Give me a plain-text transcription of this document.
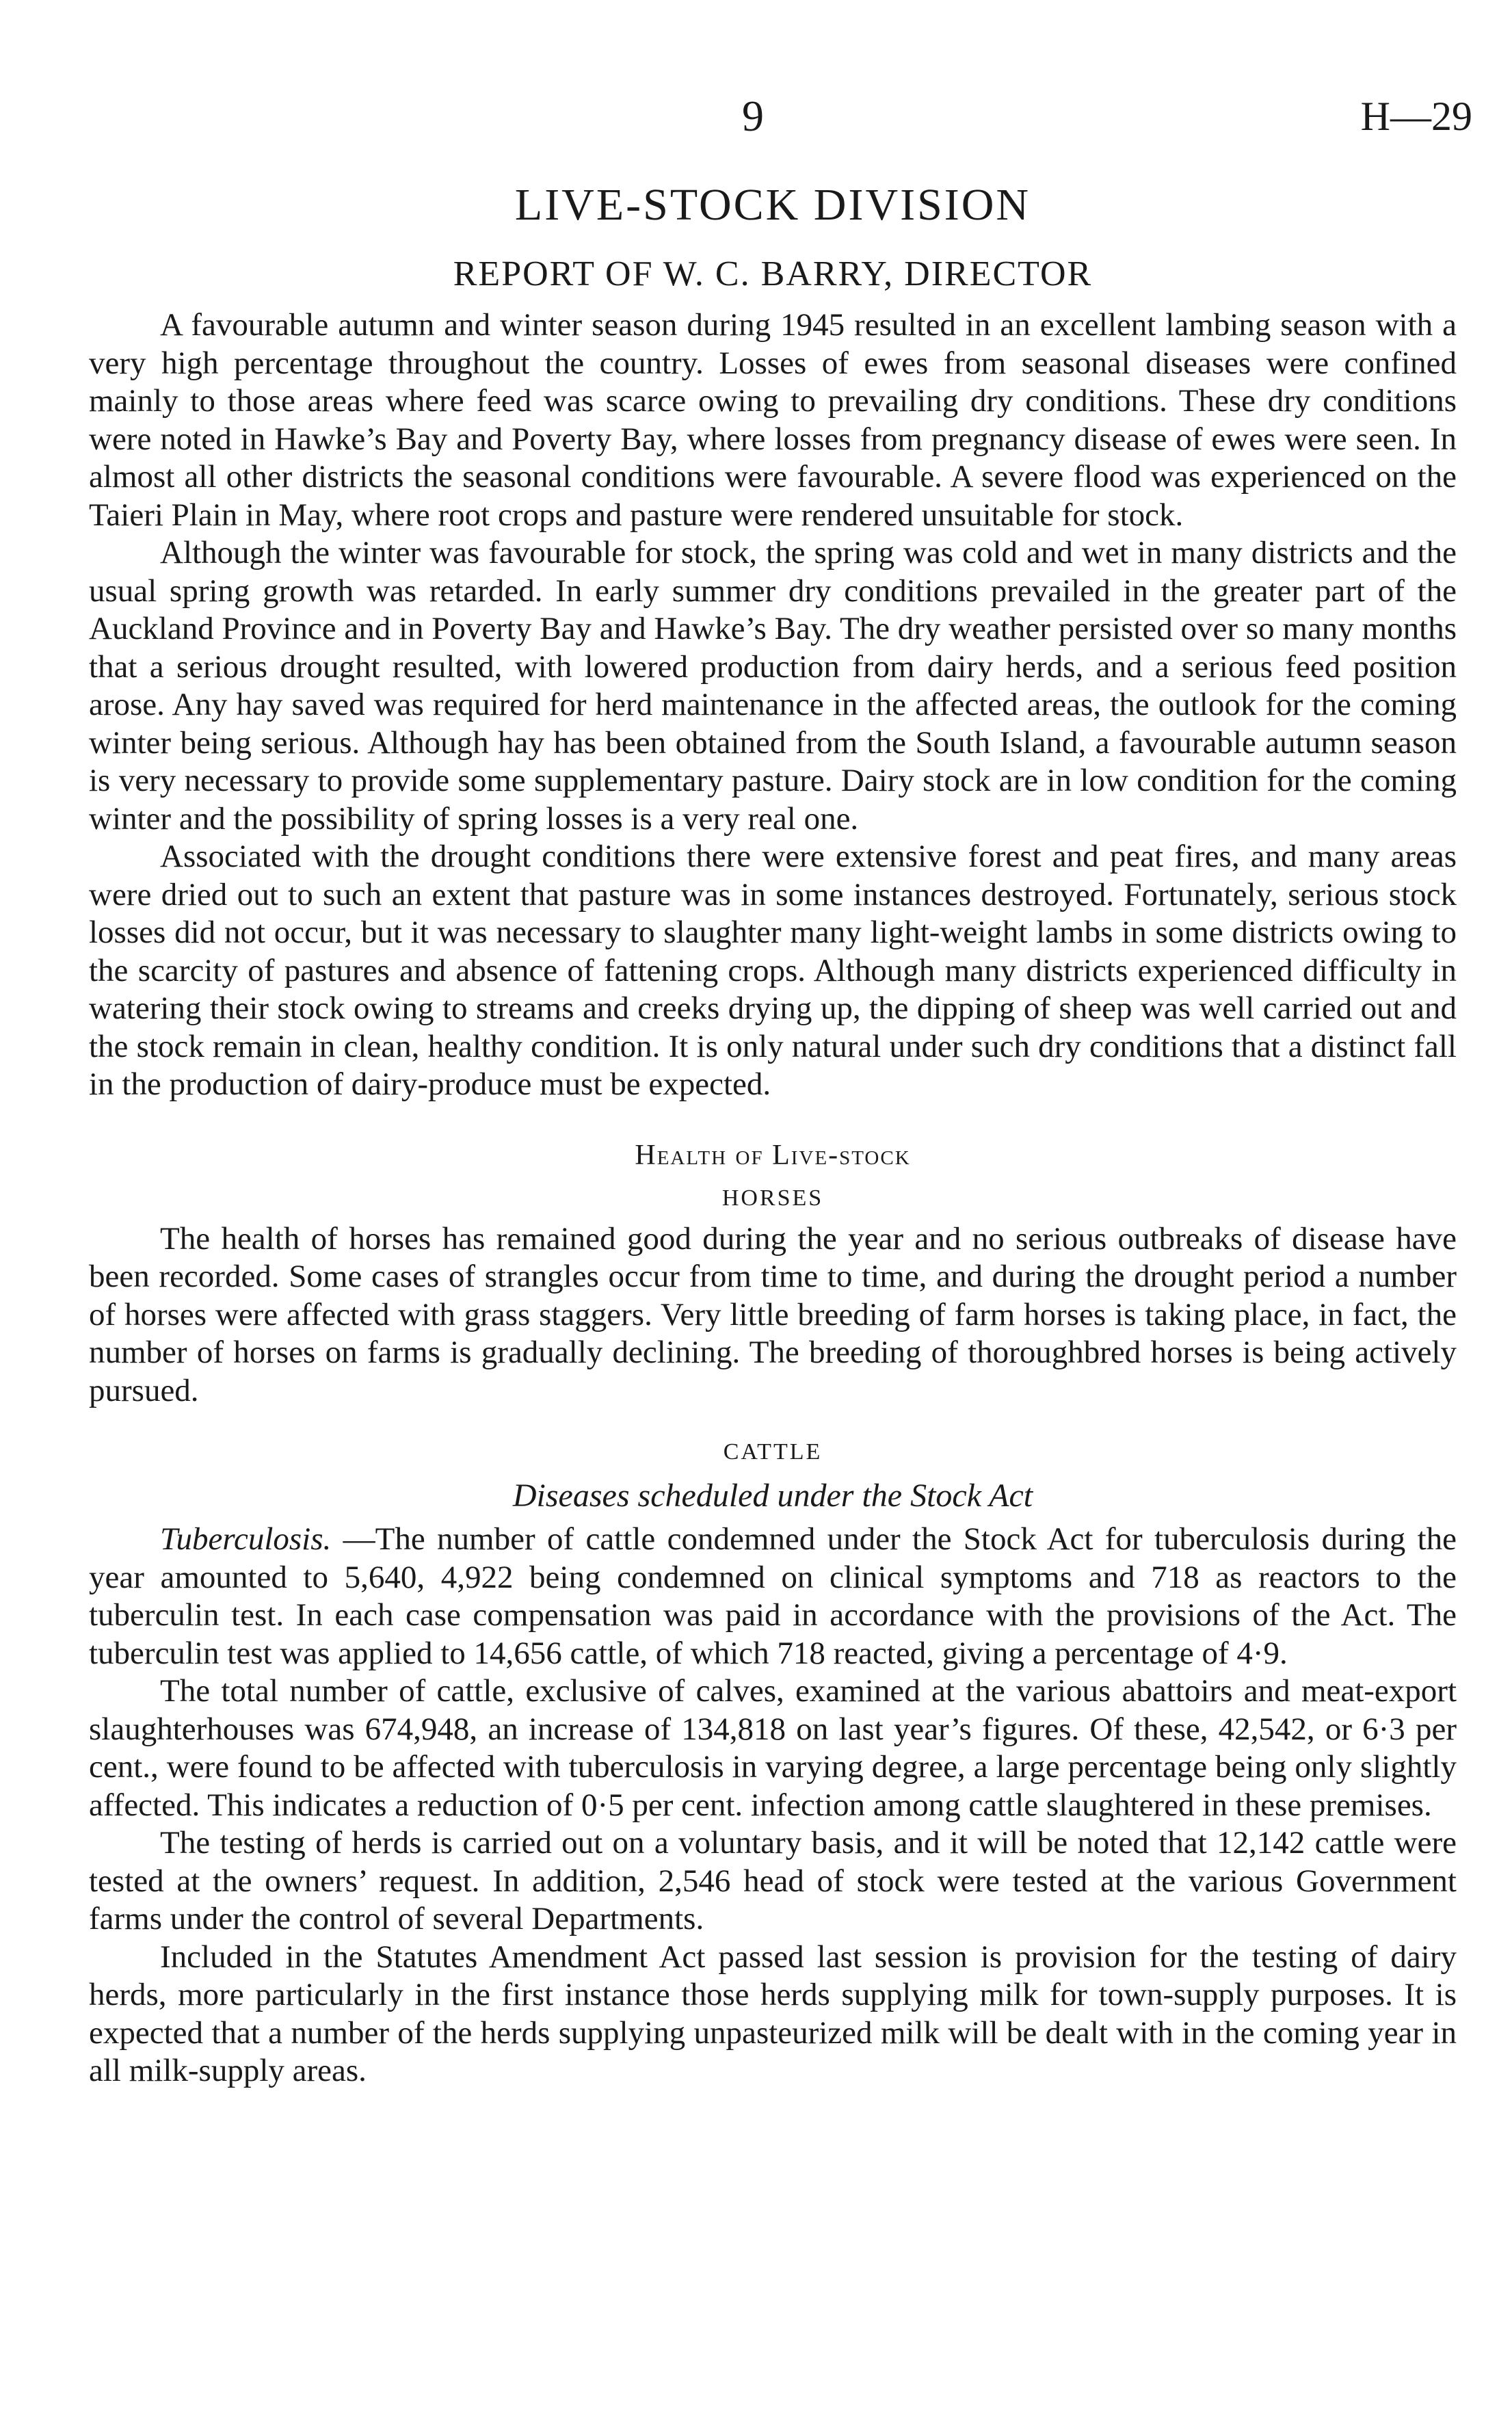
9	H—29
LIVE-STOCK DIVISION
REPORT OF W. C. BARRY, DIRECTOR

A favourable autumn and winter season during 1945 resulted in an excellent lambing season with a very high percentage throughout the country. Losses of ewes from seasonal diseases were confined mainly to those areas where feed was scarce owing to prevailing dry conditions. These dry conditions were noted in Hawke’s Bay and Poverty Bay, where losses from pregnancy disease of ewes were seen. In almost all other districts the seasonal conditions were favourable. A severe flood was experienced on the Taieri Plain in May, where root crops and pasture were rendered unsuitable for stock.

Although the winter was favourable for stock, the spring was cold and wet in many districts and the usual spring growth was retarded. In early summer dry conditions prevailed in the greater part of the Auckland Province and in Poverty Bay and Hawke’s Bay. The dry weather persisted over so many months that a serious drought resulted, with lowered production from dairy herds, and a serious feed position arose. Any hay saved was required for herd maintenance in the affected areas, the outlook for the coming winter being serious. Although hay has been obtained from the South Island, a favourable autumn season is very necessary to provide some supplementary pasture. Dairy stock are in low condition for the coming winter and the possibility of spring losses is a very real one.

Associated with the drought conditions there were extensive forest and peat fires, and many areas were dried out to such an extent that pasture was in some instances destroyed. Fortunately, serious stock losses did not occur, but it was necessary to slaughter many light-weight lambs in some districts owing to the scarcity of pastures and absence of fattening crops. Although many districts experienced difficulty in watering their stock owing to streams and creeks drying up, the dipping of sheep was well carried out and the stock remain in clean, healthy condition. It is only natural under such dry conditions that a distinct fall in the production of dairy-produce must be expected.

Health of Live-stock
HORSES

The health of horses has remained good during the year and no serious outbreaks of disease have been recorded. Some cases of strangles occur from time to time, and during the drought period a number of horses were affected with grass staggers. Very little breeding of farm horses is taking place, in fact, the number of horses on farms is gradually declining. The breeding of thoroughbred horses is being actively pursued.

CATTLE
Diseases scheduled under the Stock Act

Tuberculosis. —The number of cattle condemned under the Stock Act for tuberculosis during the year amounted to 5,640, 4,922 being condemned on clinical symptoms and 718 as reactors to the tuberculin test. In each case compensation was paid in accordance with the provisions of the Act. The tuberculin test was applied to 14,656 cattle, of which 718 reacted, giving a percentage of 4·9.

The total number of cattle, exclusive of calves, examined at the various abattoirs and meat-export slaughterhouses was 674,948, an increase of 134,818 on last year’s figures. Of these, 42,542, or 6·3 per cent., were found to be affected with tuberculosis in varying degree, a large percentage being only slightly affected. This indicates a reduction of 0·5 per cent. infection among cattle slaughtered in these premises.

The testing of herds is carried out on a voluntary basis, and it will be noted that 12,142 cattle were tested at the owners’ request. In addition, 2,546 head of stock were tested at the various Government farms under the control of several Departments.

Included in the Statutes Amendment Act passed last session is provision for the testing of dairy herds, more particularly in the first instance those herds supplying milk for town-supply purposes. It is expected that a number of the herds supplying unpasteurized milk will be dealt with in the coming year in all milk-supply areas.
